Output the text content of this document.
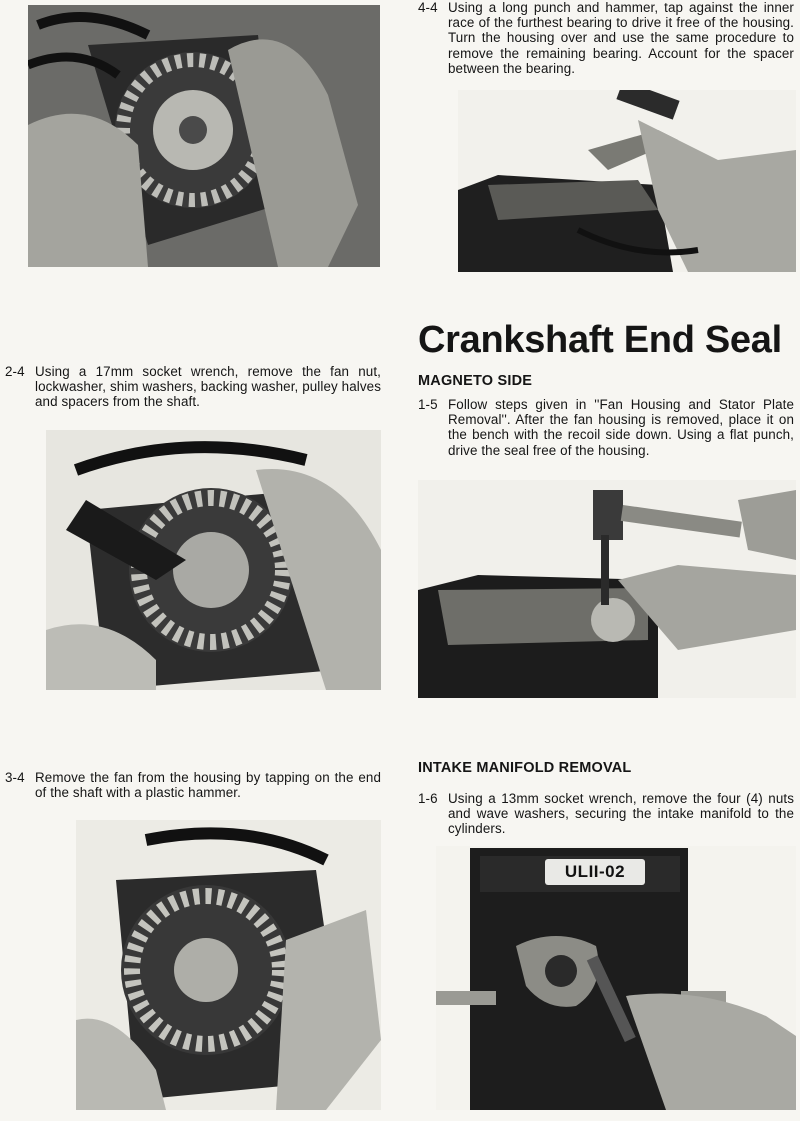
4-4 Using a long punch and hammer, tap against the inner race of the furthest bearing to drive it free of the housing. Turn the housing over and use the same procedure to remove the remaining bearing. Account for the spacer between the bearing.
Crankshaft End Seal
2-4 Using a 17mm socket wrench, remove the fan nut, lockwasher, shim washers, backing washer, pulley halves and spacers from the shaft.
MAGNETO SIDE
1-5 Follow steps given in ''Fan Housing and Stator Plate Removal''. After the fan housing is removed, place it on the bench with the recoil side down. Using a flat punch, drive the seal free of the housing.
3-4 Remove the fan from the housing by tapping on the end of the shaft with a plastic hammer.
INTAKE MANIFOLD REMOVAL
1-6 Using a 13mm socket wrench, remove the four (4) nuts and wave washers, securing the intake manifold to the cylinders.
ULII-02
